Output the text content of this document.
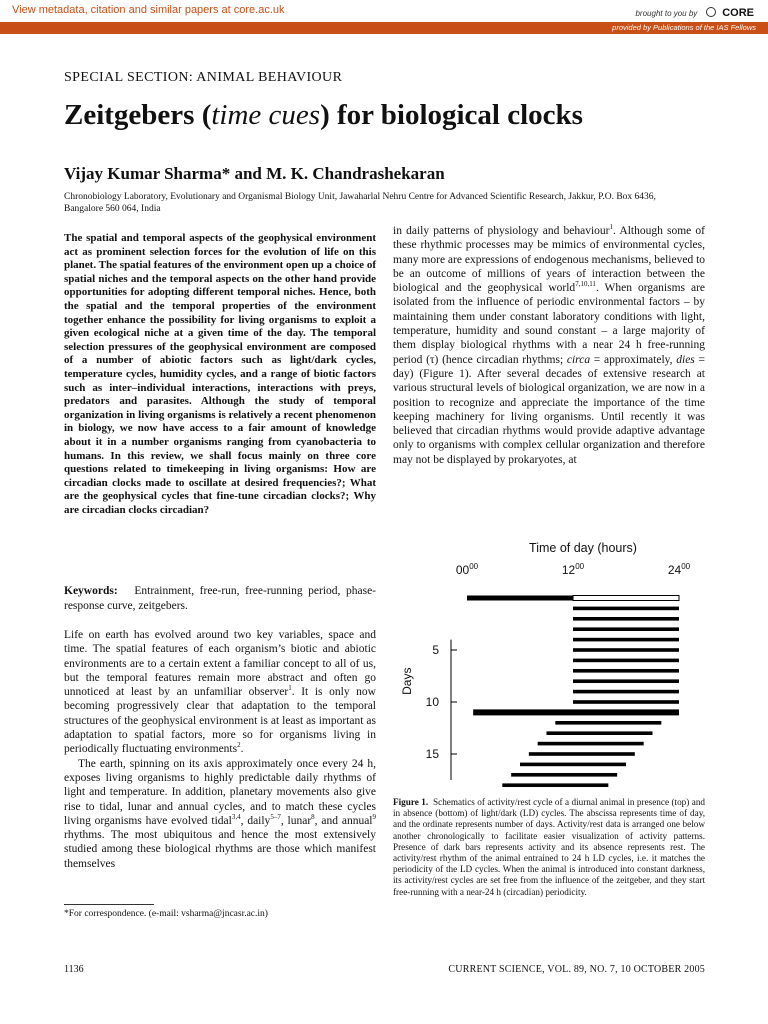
View metadata, citation and similar papers at core.ac.uk	brought to you by CORE
provided by Publications of the IAS Fellows
SPECIAL SECTION: ANIMAL BEHAVIOUR
Zeitgebers (time cues) for biological clocks
Vijay Kumar Sharma* and M. K. Chandrashekaran
Chronobiology Laboratory, Evolutionary and Organismal Biology Unit, Jawaharlal Nehru Centre for Advanced Scientific Research, Jakkur, P.O. Box 6436, Bangalore 560 064, India
The spatial and temporal aspects of the geophysical environment act as prominent selection forces for the evolution of life on this planet. The spatial features of the environment open up a choice of spatial niches and the temporal aspects on the other hand provide opportunities for adopting different temporal niches. Hence, both the spatial and the temporal properties of the environment together enhance the possibility for living organisms to exploit a given ecological niche at a given time of the day. The temporal selection pressures of the geophysical environment are composed of a number of abiotic factors such as light/dark cycles, temperature cycles, humidity cycles, and a range of biotic factors such as inter–individual interactions, interactions with preys, predators and parasites. Although the study of temporal organization in living organisms is relatively a recent phenomenon in biology, we now have access to a fair amount of knowledge about it in a number organisms ranging from cyanobacteria to humans. In this review, we shall focus mainly on three core questions related to timekeeping in living organisms: How are circadian clocks made to oscillate at desired frequencies?; What are the geophysical cycles that fine-tune circadian clocks?; Why are circadian clocks circadian?
Keywords: Entrainment, free-run, free-running period, phase-response curve, zeitgebers.

Life on earth has evolved around two key variables, space and time. The spatial features of each organism’s biotic and abiotic environments are to a certain extent a familiar concept to all of us, but the temporal features remain more abstract and often go unnoticed at least by an unfamiliar observer$^1$. It is only now becoming progressively clear that adaptation to the temporal structures of the geophysical environment is at least as important as adaptation to spatial factors, more so for organisms living in periodically fluctuating environments$^2$.

The earth, spinning on its axis approximately once every 24 h, exposes living organisms to highly predictable daily rhythms of light and temperature. In addition, planetary movements also give rise to tidal, lunar and annual cycles, and to match these cycles living organisms have evolved tidal$^{3,4}$, daily$^{5-7}$, lunar$^8$, and annual$^9$ rhythms. The most ubiquitous and hence the most extensively studied among these biological rhythms are those which manifest themselves

*For correspondence. (e-mail: vsharma@jncasr.ac.in)
in daily patterns of physiology and behaviour$^1$. Although some of these rhythmic processes may be mimics of environmental cycles, many more are expressions of endogenous mechanisms, believed to be an outcome of millions of years of interaction between the biological and the geophysical world$^{7,10,11}$. When organisms are isolated from the influence of periodic environmental factors – by maintaining them under constant laboratory conditions with light, temperature, humidity and sound constant – a large majority of them display biological rhythms with a near 24 h free-running period (τ) (hence circadian rhythms; circa = approximately, dies = day) (Figure 1). After several decades of extensive research at various structural levels of biological organization, we are now in a position to recognize and appreciate the importance of the time keeping machinery for living organisms. Until recently it was believed that circadian rhythms would provide adaptive advantage only to organisms with complex cellular organization and therefore may not be displayed by prokaryotes, at
Time of day (hours)
$00^{00}$	$12^{00}$	$24^{00}$
5
10
15
Days
Figure 1. Schematics of activity/rest cycle of a diurnal animal in presence (top) and in absence (bottom) of light/dark (LD) cycles. The abscissa represents time of day, and the ordinate represents number of days. Activity/rest data is arranged one below another chronologically to facilitate easier visualization of activity patterns. Presence of dark bars represents activity and its absence represents rest. The activity/rest rhythm of the animal entrained to 24 h LD cycles, i.e. it matches the periodicity of the LD cycles. When the animal is introduced into constant darkness, its activity/rest cycles are set free from the influence of the zeitgeber, and they start free-running with a near-24 h (circadian) periodicity.
1136	CURRENT SCIENCE, VOL. 89, NO. 7, 10 OCTOBER 2005
